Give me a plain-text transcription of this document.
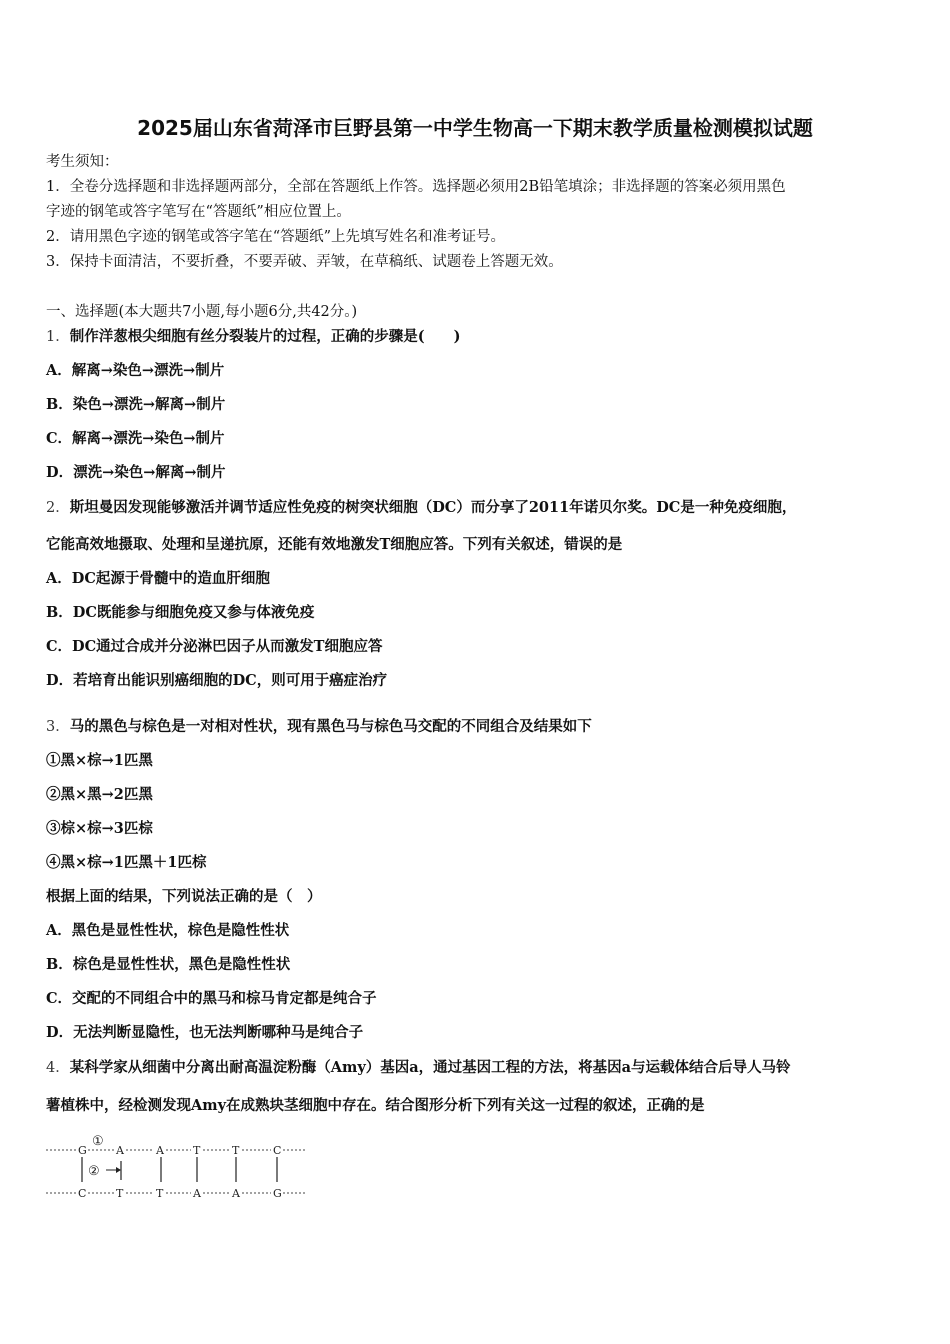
2025届山东省菏泽市巨野县第一中学生物高一下期末教学质量检测模拟试题
考生须知：
1．全卷分选择题和非选择题两部分，全部在答题纸上作答。选择题必须用2B铅笔填涂；非选择题的答案必须用黑色
字迹的钢笔或答字笔写在“答题纸”相应位置上。
2．请用黑色字迹的钢笔或答字笔在“答题纸”上先填写姓名和准考证号。
3．保持卡面清洁，不要折叠，不要弄破、弄皱，在草稿纸、试题卷上答题无效。
一、选择题(本大题共7小题,每小题6分,共42分。)
1．制作洋葱根尖细胞有丝分裂装片的过程，正确的步骤是(　　)
A．解离→染色→漂洗→制片
B．染色→漂洗→解离→制片
C．解离→漂洗→染色→制片
D．漂洗→染色→解离→制片
2．斯坦曼因发现能够激活并调节适应性免疫的树突状细胞（DC）而分享了2011年诺贝尔奖。DC是一种免疫细胞，
它能高效地摄取、处理和呈递抗原，还能有效地激发T细胞应答。下列有关叙述，错误的是
A．DC起源于骨髓中的造血肝细胞
B．DC既能参与细胞免疫又参与体液免疫
C．DC通过合成并分泌淋巴因子从而激发T细胞应答
D．若培育出能识别癌细胞的DC，则可用于癌症治疗
3．马的黑色与棕色是一对相对性状，现有黑色马与棕色马交配的不同组合及结果如下
①黑×棕→1匹黑
②黑×黑→2匹黑
③棕×棕→3匹棕
④黑×棕→1匹黑＋1匹棕
根据上面的结果，下列说法正确的是（　）
A．黑色是显性性状，棕色是隐性性状
B．棕色是显性性状，黑色是隐性性状
C．交配的不同组合中的黑马和棕马肯定都是纯合子
D．无法判断显隐性，也无法判断哪种马是纯合子
4．某科学家从细菌中分离出耐高温淀粉酶（Amy）基因a，通过基因工程的方法，将基因a与运载体结合后导人马铃
薯植株中，经检测发现Amy在成熟块茎细胞中存在。结合图形分析下列有关这一过程的叙述，正确的是
①
②
G	A	A	T	T	C
C	T	T	A	A	G
